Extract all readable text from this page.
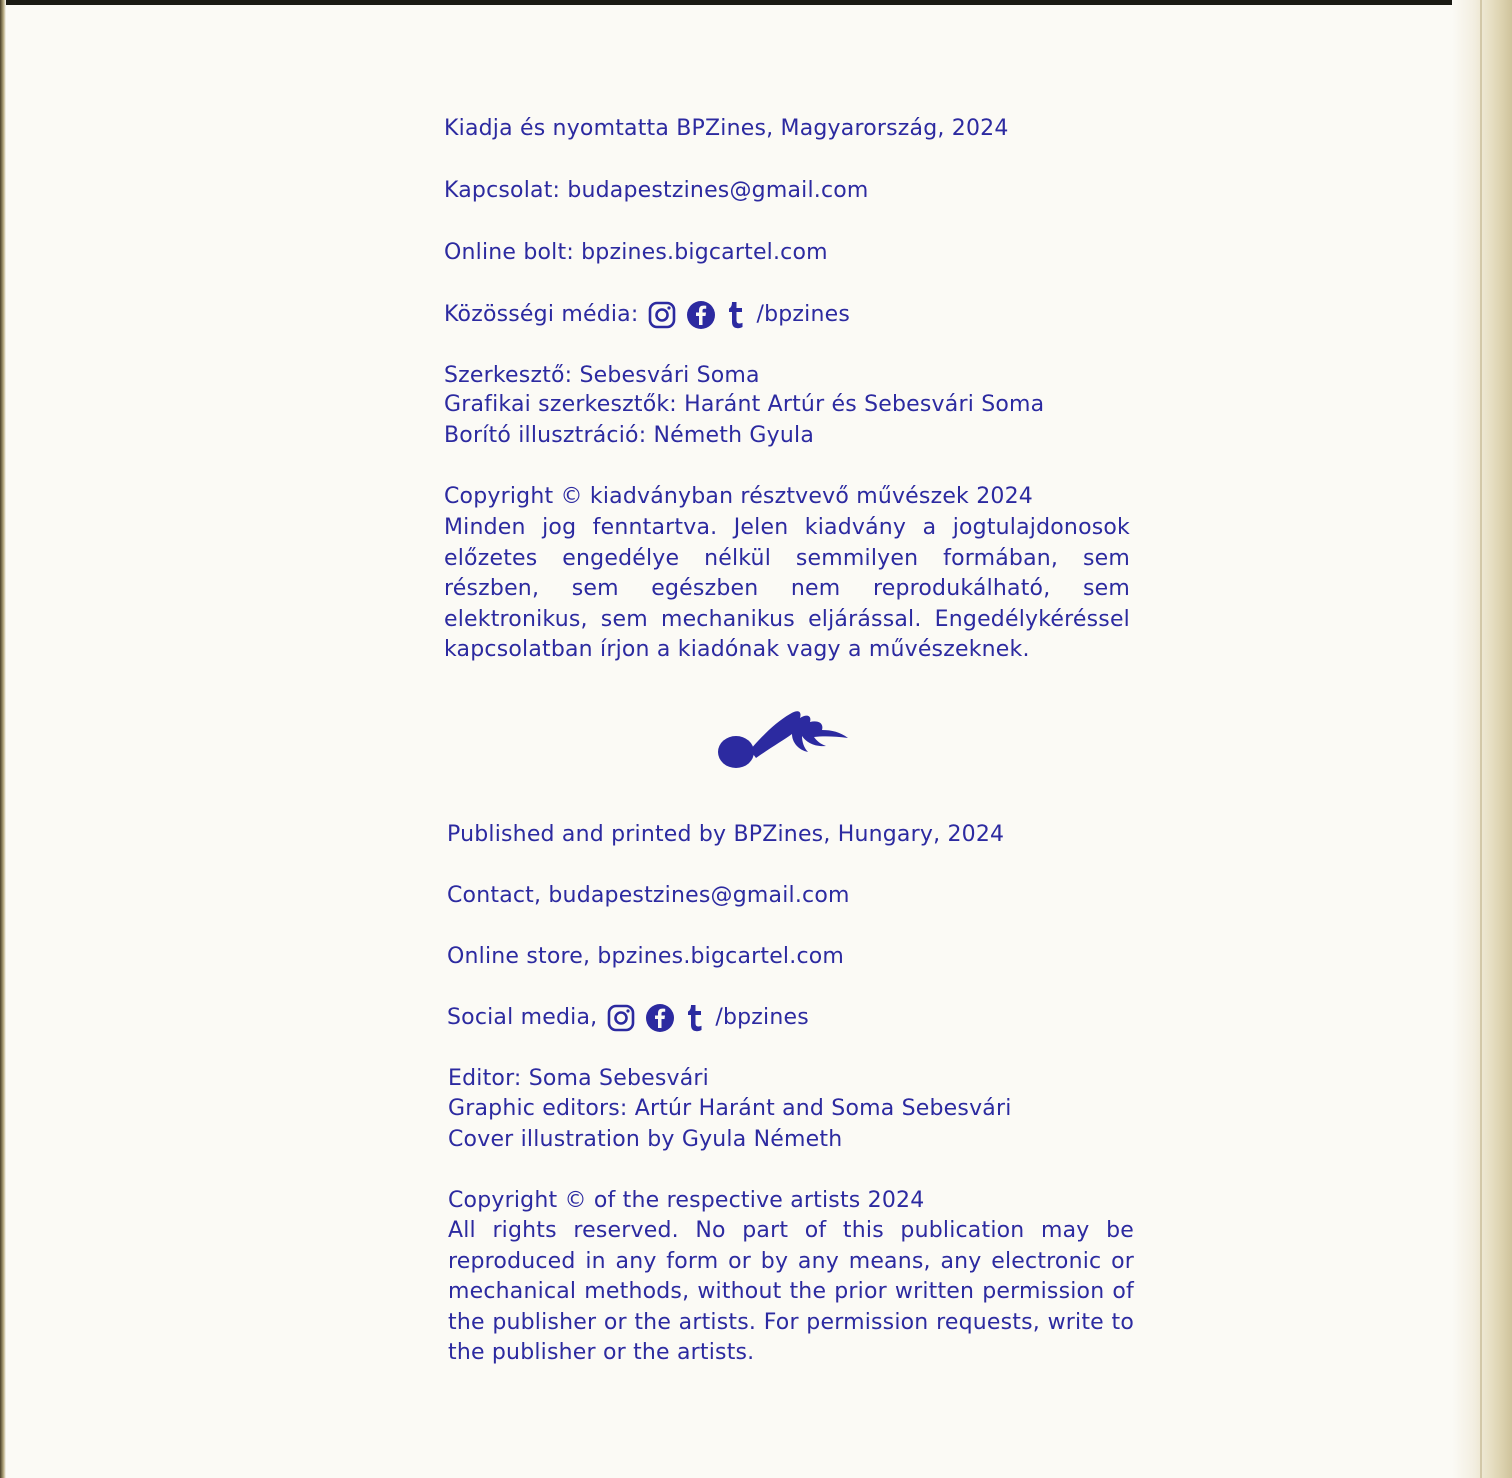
Kiadja és nyomtatta BPZines, Magyarország, 2024
Kapcsolat: budapestzines@gmail.com
Online bolt: bpzines.bigcartel.com
Közösségi média:	/bpzines
Szerkesztő: Sebesvári Soma
Grafikai szerkesztők: Haránt Artúr és Sebesvári Soma
Borító illusztráció: Németh Gyula
Copyright © kiadványban résztvevő művészek 2024
Minden jog fenntartva. Jelen kiadvány a jogtulajdonosok előzetes engedélye nélkül semmilyen formában, sem részben, sem egészben nem reprodukálható, sem elektronikus, sem mechanikus eljárással. Engedélykéréssel kapcsolatban írjon a kiadónak vagy a művészeknek.
Published and printed by BPZines, Hungary, 2024
Contact, budapestzines@gmail.com
Online store, bpzines.bigcartel.com
Social media,	/bpzines
Editor: Soma Sebesvári
Graphic editors: Artúr Haránt and Soma Sebesvári
Cover illustration by Gyula Németh
Copyright © of the respective artists 2024
All rights reserved. No part of this publication may be reproduced in any form or by any means, any electronic or mechanical methods, without the prior written permission of the publisher or the artists. For permission requests, write to the publisher or the artists.
